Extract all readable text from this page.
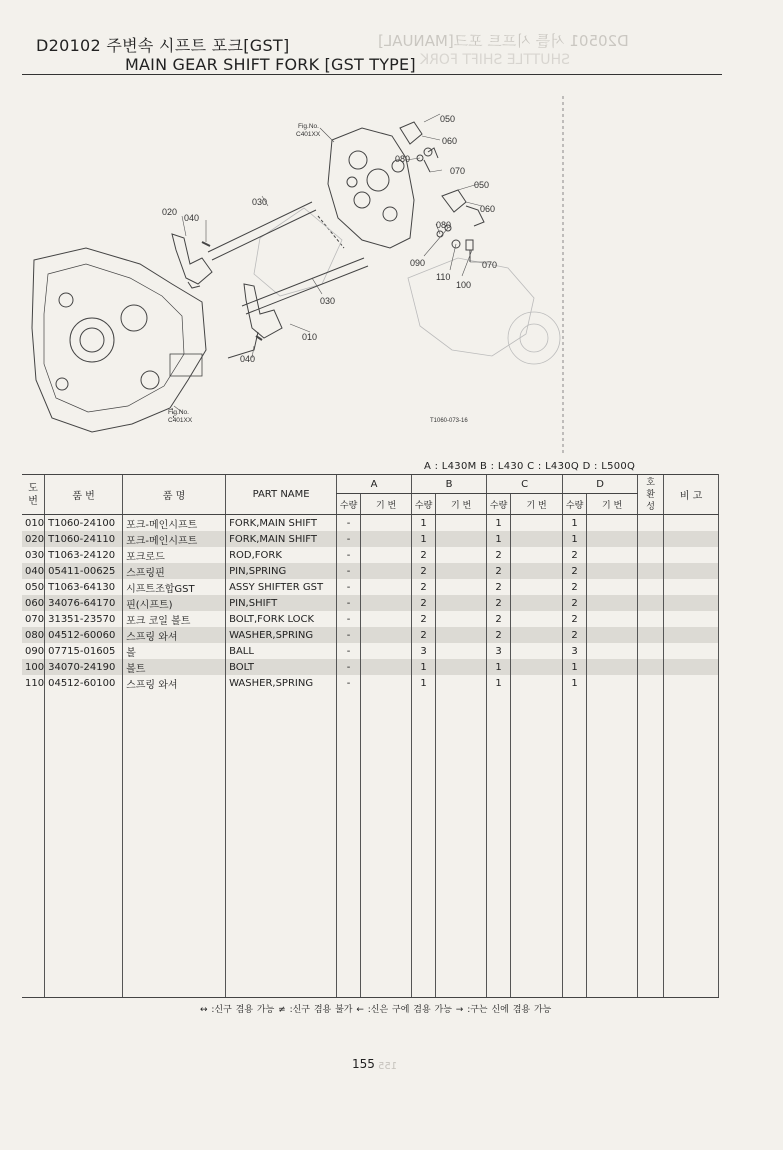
D20501 서틀 시프트 포크[MANUAL]
SHUTTLE SHIFT FORK
D20102 주변속 시프트 포크[GST]
MAIN GEAR SHIFT FORK [GST TYPE]
Fig.No.
C401XX
Fig.No.
C401XX	T1060-073-16
050
060
080
070
050
060
080
070
090
110
100
030
020
040
030
010
040
A : L430M B : L430 C : L430Q D : L500Q
도
번	품 번	품 명	PART NAME	A		B		C		D		호
환
성	비 고
				수량	기 번	수량	기 번	수량	기 번	수량	기 번		
010	T1060-24100	포크-메인시프트	FORK,MAIN SHIFT	-		1		1		1			
020	T1060-24110	포크-메인시프트	FORK,MAIN SHIFT	-		1		1		1			
030	T1063-24120	포크로드	ROD,FORK	-		2		2		2			
040	05411-00625	스프링핀	PIN,SPRING	-		2		2		2			
050	T1063-64130	시프트조합GST	ASSY SHIFTER GST	-		2		2		2			
060	34076-64170	핀(시프트)	PIN,SHIFT	-		2		2		2			
070	31351-23570	포크 코일 볼트	BOLT,FORK LOCK	-		2		2		2			
080	04512-60060	스프링 와셔	WASHER,SPRING	-		2		2		2			
090	07715-01605	볼	BALL	-		3		3		3			
100	34070-24190	볼트	BOLT	-		1		1		1			
110	04512-60100	스프링 와셔	WASHER,SPRING	-		1		1		1			

↔ :신구 겸용 가능 ≠ :신구 겸용 불가 ← :신은 구에 겸용 가능 → :구는 신에 겸용 가능
155 155
